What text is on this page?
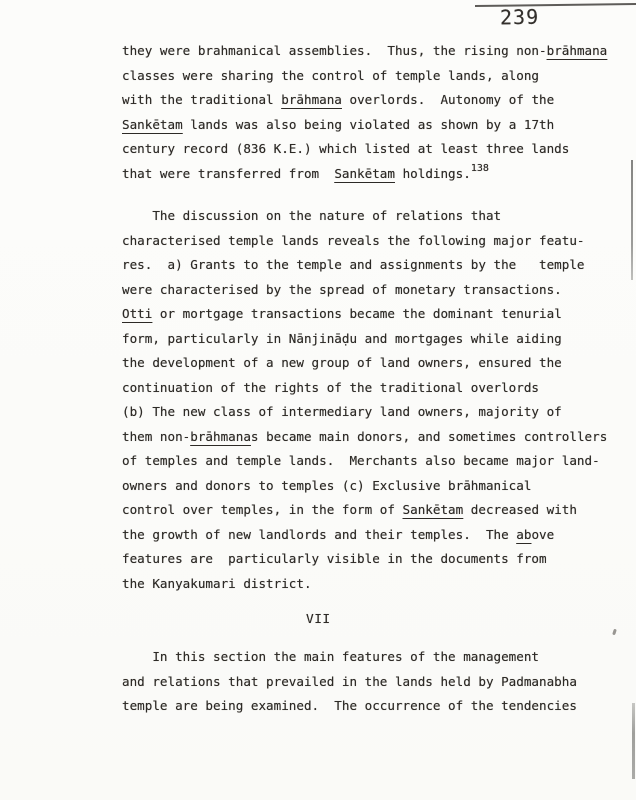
239
they were brahmanical assemblies.  Thus, the rising non-brāhmana
classes were sharing the control of temple lands, along
with the traditional brāhmana overlords.  Autonomy of the
Sankētam lands was also being violated as shown by a 17th
century record (836 K.E.) which listed at least three lands
that were transferred from  Sankētam holdings.$^{138}$
The discussion on the nature of relations that
characterised temple lands reveals the following major featu-
res.  a) Grants to the temple and assignments by the   temple
were characterised by the spread of monetary transactions.
Otti or mortgage transactions became the dominant tenurial
form, particularly in Nānjināḍu and mortgages while aiding
the development of a new group of land owners, ensured the
continuation of the rights of the traditional overlords
(b) The new class of intermediary land owners, majority of
them non-brāhmanas became main donors, and sometimes controllers
of temples and temple lands.  Merchants also became major land-
owners and donors to temples (c) Exclusive brāhmanical
control over temples, in the form of Sankētam decreased with
the growth of new landlords and their temples.  The above
features are  particularly visible in the documents from
the Kanyakumari district.
VII
In this section the main features of the management
and relations that prevailed in the lands held by Padmanabha
temple are being examined.  The occurrence of the tendencies
